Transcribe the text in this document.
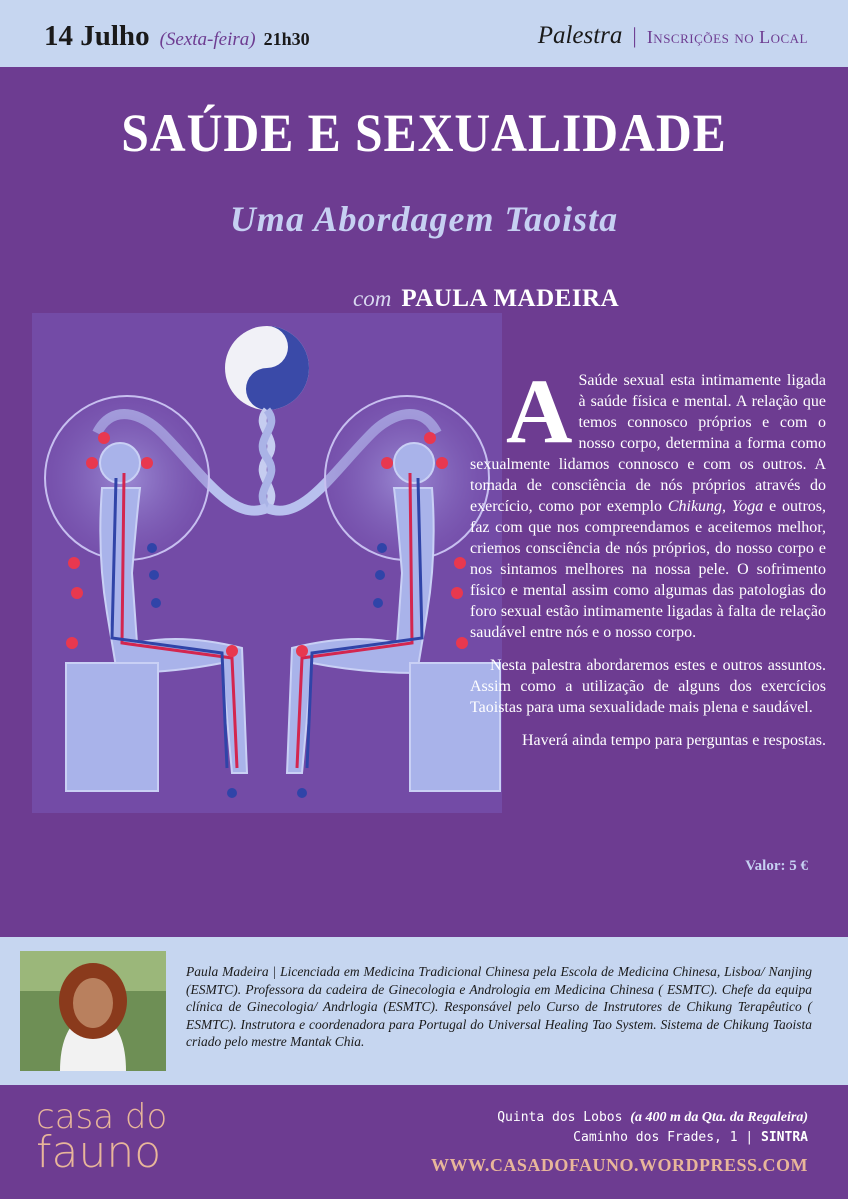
14 Julho (Sexta-feira) 21h30	Palestra | Inscrições no Local
SAÚDE E SEXUALIDADE
Uma Abordagem Taoista
com PAULA MADEIRA

A Saúde sexual esta intimamente ligada à saúde física e mental. A relação que temos connosco próprios e com o nosso corpo, determina a forma como sexualmente lidamos connosco e com os outros. A tomada de consciência de nós próprios através do exercício, como por exemplo Chikung, Yoga e outros, faz com que nos compreendamos e aceitemos melhor, criemos consciência de nós próprios, do nosso corpo e nos sintamos melhores na nossa pele. O sofrimento físico e mental assim como algumas das patologias do foro sexual estão intimamente ligadas à falta de relação saudável entre nós e o nosso corpo.

Nesta palestra abordaremos estes e outros assuntos. Assim como a utilização de alguns dos exercícios Taoistas para uma sexualidade mais plena e saudável.

Haverá ainda tempo para perguntas e respostas.

Valor: 5 €
Paula Madeira | Licenciada em Medicina Tradicional Chinesa pela Escola de Medicina Chinesa, Lisboa/ Nanjing (ESMTC). Professora da cadeira de Ginecologia e Andrologia em Medicina Chinesa ( ESMTC). Chefe da equipa clínica de Ginecologia/ Andrlogia (ESMTC). Responsável pelo Curso de Instrutores de Chikung Terapêutico ( ESMTC). Instrutora e coordenadora para Portugal do Universal Healing Tao System. Sistema de Chikung Taoista criado pelo mestre Mantak Chia.
casa do
fauno
Quinta dos Lobos (a 400 m da Qta. da Regaleira)
Caminho dos Frades, 1 | SINTRA
WWW.CASADOFAUNO.WORDPRESS.COM
